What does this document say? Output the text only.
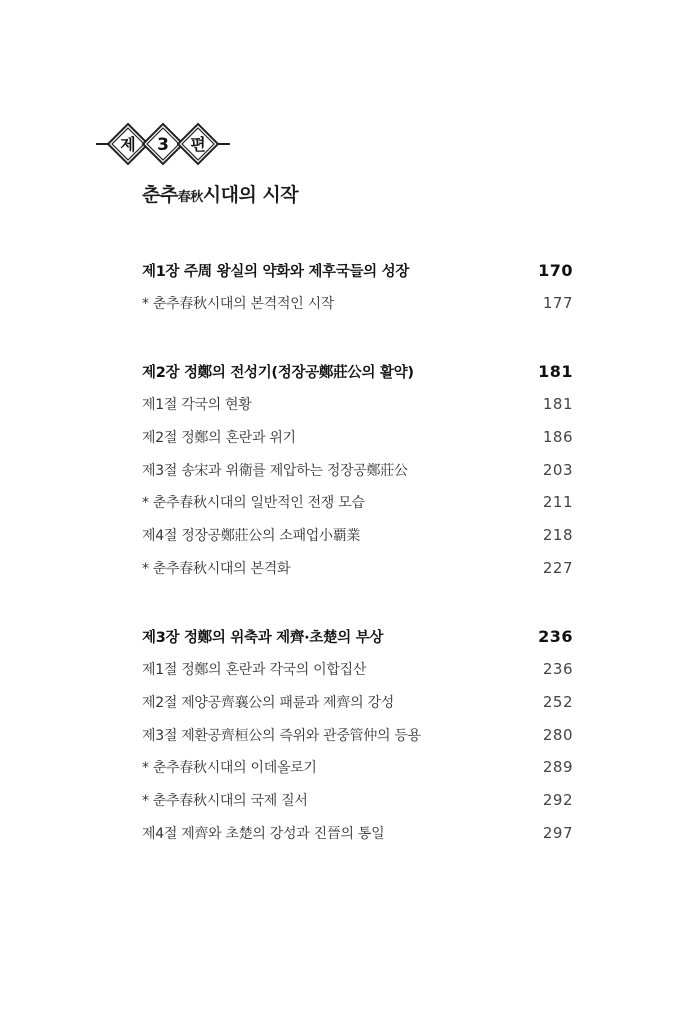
제 3 편
춘추春秋시대의 시작
제1장 주周 왕실의 약화와 제후국들의 성장	170
* 춘추春秋시대의 본격적인 시작	177
제2장 정鄭의 전성기(정장공鄭莊公의 활약)	181
제1절 각국의 현황	181
제2절 정鄭의 혼란과 위기	186
제3절 송宋과 위衛를 제압하는 정장공鄭莊公	203
* 춘추春秋시대의 일반적인 전쟁 모습	211
제4절 정장공鄭莊公의 소패업小覇業	218
* 춘추春秋시대의 본격화	227
제3장 정鄭의 위축과 제齊·초楚의 부상	236
제1절 정鄭의 혼란과 각국의 이합집산	236
제2절 제양공齊襄公의 패륜과 제齊의 강성	252
제3절 제환공齊桓公의 즉위와 관중管仲의 등용	280
* 춘추春秋시대의 이데올로기	289
* 춘추春秋시대의 국제 질서	292
제4절 제齊와 초楚의 강성과 진晉의 통일	297
